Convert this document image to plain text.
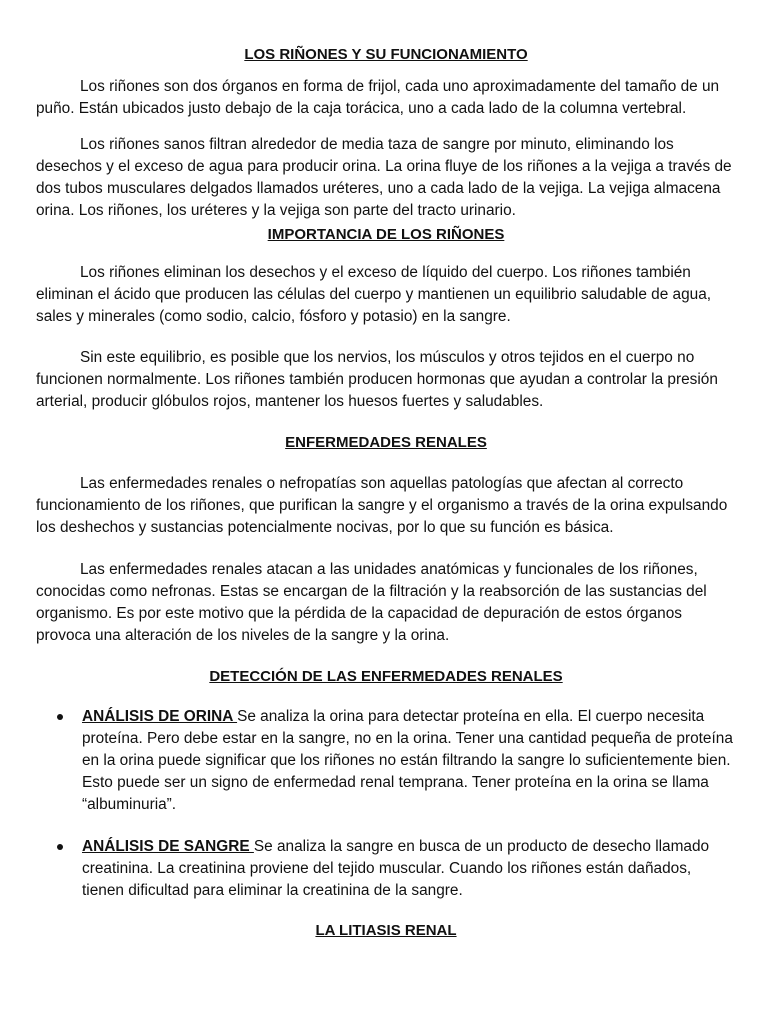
LOS RIÑONES Y SU FUNCIONAMIENTO

Los riñones son dos órganos en forma de frijol, cada uno aproximadamente del tamaño de un puño. Están ubicados justo debajo de la caja torácica, uno a cada lado de la columna vertebral.

Los riñones sanos filtran alrededor de media taza de sangre por minuto, eliminando los desechos y el exceso de agua para producir orina. La orina fluye de los riñones a la vejiga a través de dos tubos musculares delgados llamados uréteres, uno a cada lado de la vejiga. La vejiga almacena orina. Los riñones, los uréteres y la vejiga son parte del tracto urinario.

IMPORTANCIA DE LOS RIÑONES

Los riñones eliminan los desechos y el exceso de líquido del cuerpo. Los riñones también eliminan el ácido que producen las células del cuerpo y mantienen un equilibrio saludable de agua, sales y minerales (como sodio, calcio, fósforo y potasio) en la sangre.

Sin este equilibrio, es posible que los nervios, los músculos y otros tejidos en el cuerpo no funcionen normalmente. Los riñones también producen hormonas que ayudan a controlar la presión arterial, producir glóbulos rojos, mantener los huesos fuertes y saludables.

ENFERMEDADES RENALES

Las enfermedades renales o nefropatías son aquellas patologías que afectan al correcto funcionamiento de los riñones, que purifican la sangre y el organismo a través de la orina expulsando los deshechos y sustancias potencialmente nocivas, por lo que su función es básica.

Las enfermedades renales atacan a las unidades anatómicas y funcionales de los riñones, conocidas como nefronas. Estas se encargan de la filtración y la reabsorción de las sustancias del organismo. Es por este motivo que la pérdida de la capacidad de depuración de estos órganos provoca una alteración de los niveles de la sangre y la orina.

DETECCIÓN DE LAS ENFERMEDADES RENALES
ANÁLISIS DE ORINA Se analiza la orina para detectar proteína en ella. El cuerpo necesita proteína. Pero debe estar en la sangre, no en la orina. Tener una cantidad pequeña de proteína en la orina puede significar que los riñones no están filtrando la sangre lo suficientemente bien. Esto puede ser un signo de enfermedad renal temprana. Tener proteína en la orina se llama “albuminuria”.
ANÁLISIS DE SANGRE Se analiza la sangre en busca de un producto de desecho llamado creatinina. La creatinina proviene del tejido muscular. Cuando los riñones están dañados, tienen dificultad para eliminar la creatinina de la sangre.
LA LITIASIS RENAL
